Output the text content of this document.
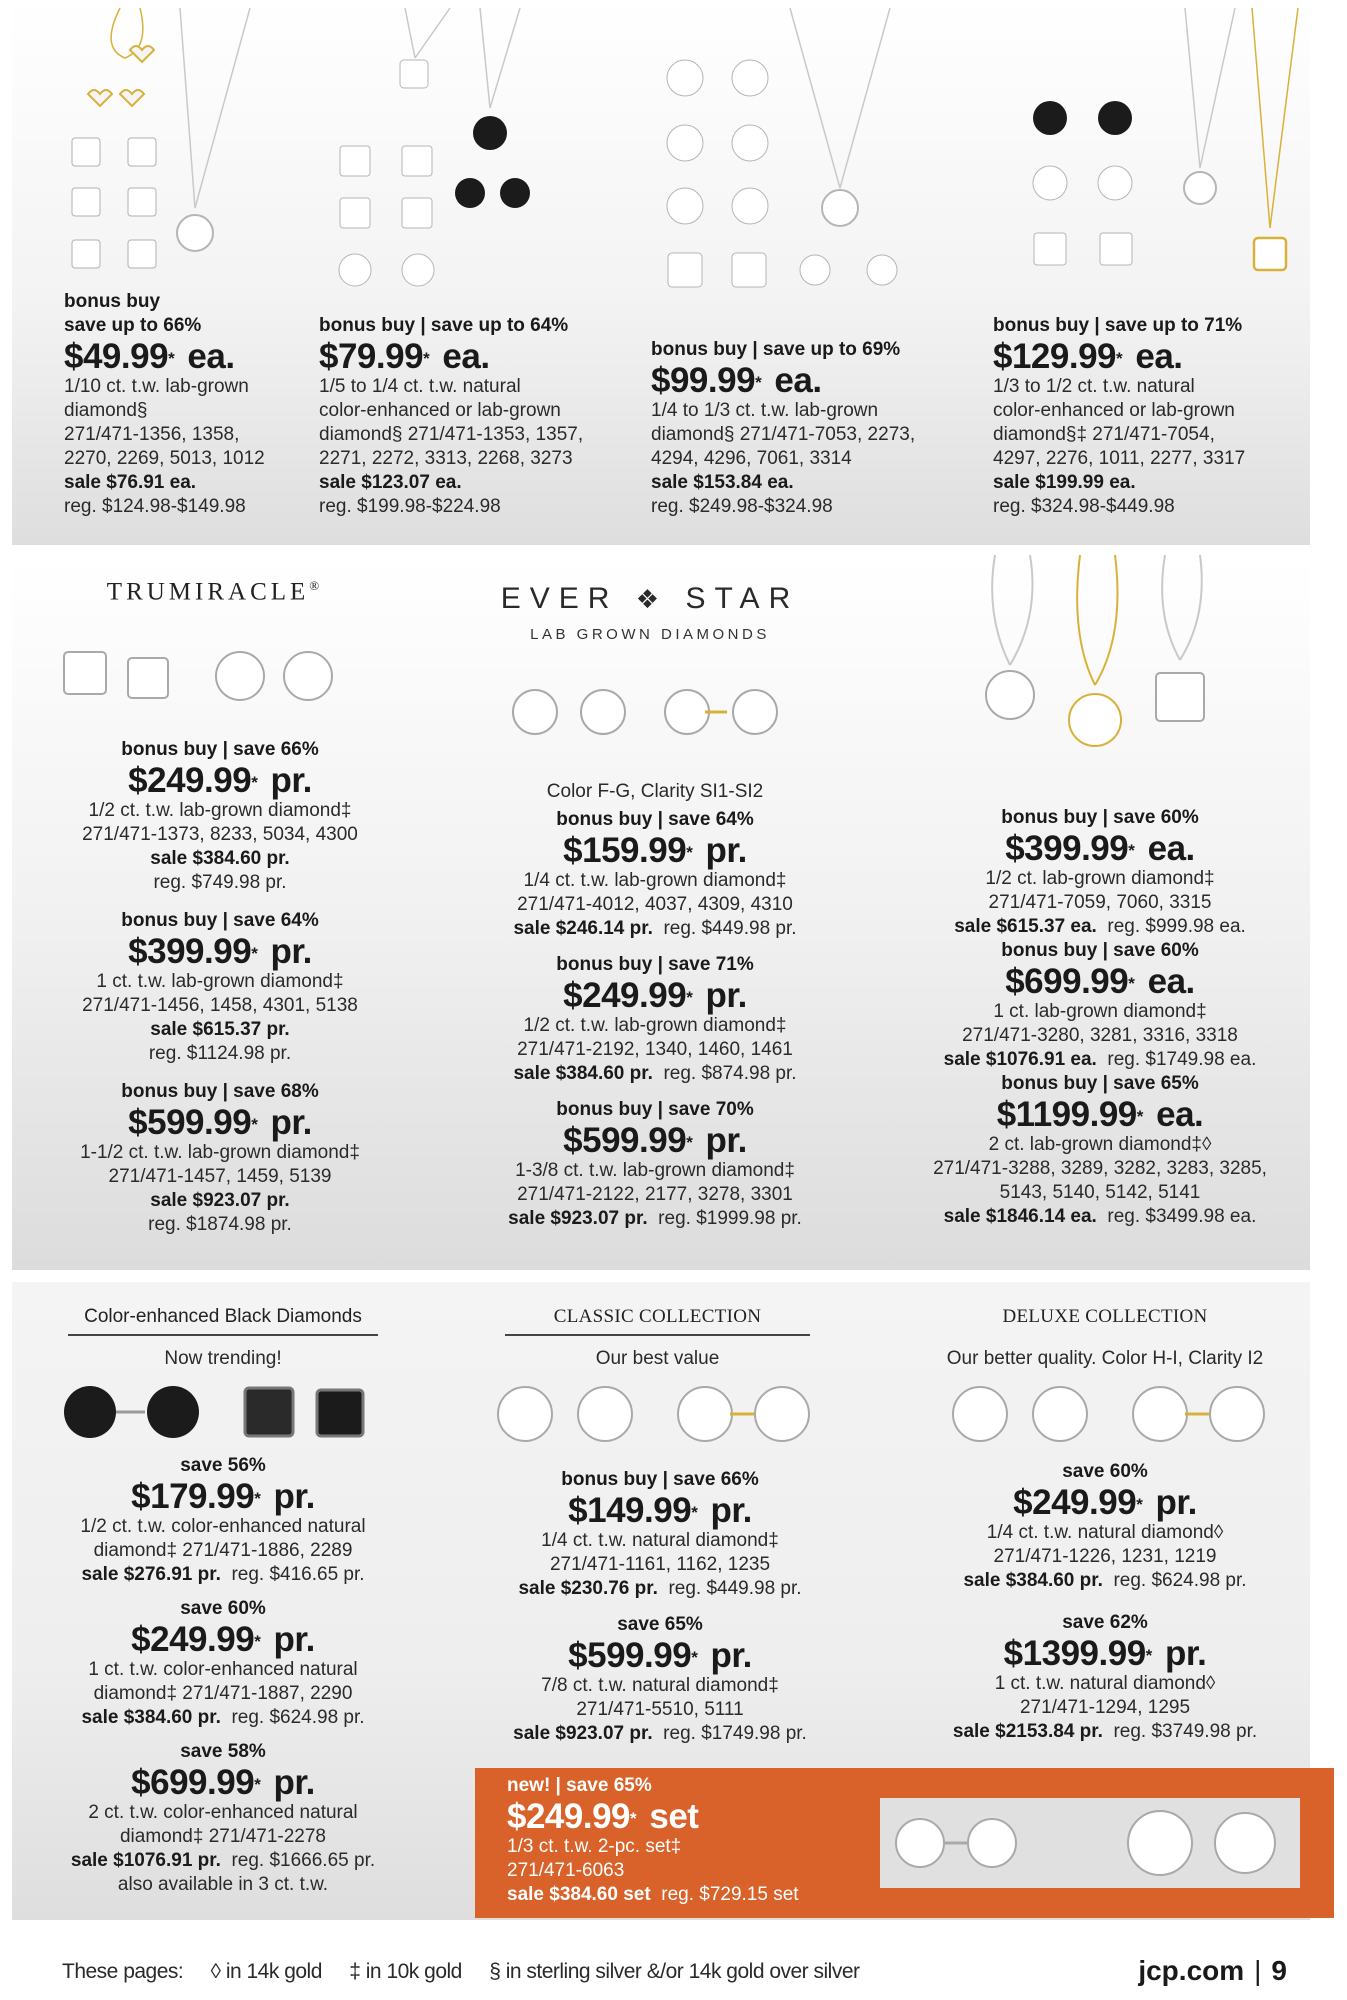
bonus buy
save up to 66%
$49.99* ea.
1/10 ct. t.w. lab-grown
diamond§
271/471-1356, 1358,
2270, 2269, 5013, 1012
sale $76.91 ea.
reg. $124.98-$149.98
bonus buy | save up to 64%
$79.99* ea.
1/5 to 1/4 ct. t.w. natural
color-enhanced or lab-grown
diamond§ 271/471-1353, 1357,
2271, 2272, 3313, 2268, 3273
sale $123.07 ea.
reg. $199.98-$224.98
bonus buy | save up to 69%
$99.99* ea.
1/4 to 1/3 ct. t.w. lab-grown
diamond§ 271/471-7053, 2273,
4294, 4296, 7061, 3314
sale $153.84 ea.
reg. $249.98-$324.98
bonus buy | save up to 71%
$129.99* ea.
1/3 to 1/2 ct. t.w. natural
color-enhanced or lab-grown
diamond§‡ 271/471-7054,
4297, 2276, 1011, 2277, 3317
sale $199.99 ea.
reg. $324.98-$449.98
TRUMIRACLE®	EVER ❖ STAR
LAB GROWN DIAMONDS
bonus buy | save 66%
$249.99* pr.
1/2 ct. t.w. lab-grown diamond‡
271/471-1373, 8233, 5034, 4300
sale $384.60 pr.
reg. $749.98 pr.
bonus buy | save 64%
$399.99* pr.
1 ct. t.w. lab-grown diamond‡
271/471-1456, 1458, 4301, 5138
sale $615.37 pr.
reg. $1124.98 pr.
bonus buy | save 68%
$599.99* pr.
1-1/2 ct. t.w. lab-grown diamond‡
271/471-1457, 1459, 5139
sale $923.07 pr.
reg. $1874.98 pr.
Color F-G, Clarity SI1-SI2
bonus buy | save 64%
$159.99* pr.
1/4 ct. t.w. lab-grown diamond‡
271/471-4012, 4037, 4309, 4310
sale $246.14 pr. reg. $449.98 pr.
bonus buy | save 71%
$249.99* pr.
1/2 ct. t.w. lab-grown diamond‡
271/471-2192, 1340, 1460, 1461
sale $384.60 pr. reg. $874.98 pr.
bonus buy | save 70%
$599.99* pr.
1-3/8 ct. t.w. lab-grown diamond‡
271/471-2122, 2177, 3278, 3301
sale $923.07 pr. reg. $1999.98 pr.
bonus buy | save 60%
$399.99* ea.
1/2 ct. lab-grown diamond‡
271/471-7059, 7060, 3315
sale $615.37 ea. reg. $999.98 ea.
bonus buy | save 60%
$699.99* ea.
1 ct. lab-grown diamond‡
271/471-3280, 3281, 3316, 3318
sale $1076.91 ea. reg. $1749.98 ea.
bonus buy | save 65%
$1199.99* ea.
2 ct. lab-grown diamond‡◊
271/471-3288, 3289, 3282, 3283, 3285,
5143, 5140, 5142, 5141
sale $1846.14 ea. reg. $3499.98 ea.
Color-enhanced Black Diamonds
Now trending!
CLASSIC COLLECTION
Our best value
DELUXE COLLECTION
Our better quality. Color H-I, Clarity I2
save 56%
$179.99* pr.
1/2 ct. t.w. color-enhanced natural
diamond‡ 271/471-1886, 2289
sale $276.91 pr. reg. $416.65 pr.
save 60%
$249.99* pr.
1 ct. t.w. color-enhanced natural
diamond‡ 271/471-1887, 2290
sale $384.60 pr. reg. $624.98 pr.
save 58%
$699.99* pr.
2 ct. t.w. color-enhanced natural
diamond‡ 271/471-2278
sale $1076.91 pr. reg. $1666.65 pr.
also available in 3 ct. t.w.
bonus buy | save 66%
$149.99* pr.
1/4 ct. t.w. natural diamond‡
271/471-1161, 1162, 1235
sale $230.76 pr. reg. $449.98 pr.
save 65%
$599.99* pr.
7/8 ct. t.w. natural diamond‡
271/471-5510, 5111
sale $923.07 pr. reg. $1749.98 pr.
save 60%
$249.99* pr.
1/4 ct. t.w. natural diamond◊
271/471-1226, 1231, 1219
sale $384.60 pr. reg. $624.98 pr.
save 62%
$1399.99* pr.
1 ct. t.w. natural diamond◊
271/471-1294, 1295
sale $2153.84 pr. reg. $3749.98 pr.
new! | save 65%
$249.99* set
1/3 ct. t.w. 2-pc. set‡
271/471-6063
sale $384.60 set reg. $729.15 set
These pages: ◊ in 14k gold ‡ in 10k gold § in sterling silver &/or 14k gold over silver	jcp.com | 9
